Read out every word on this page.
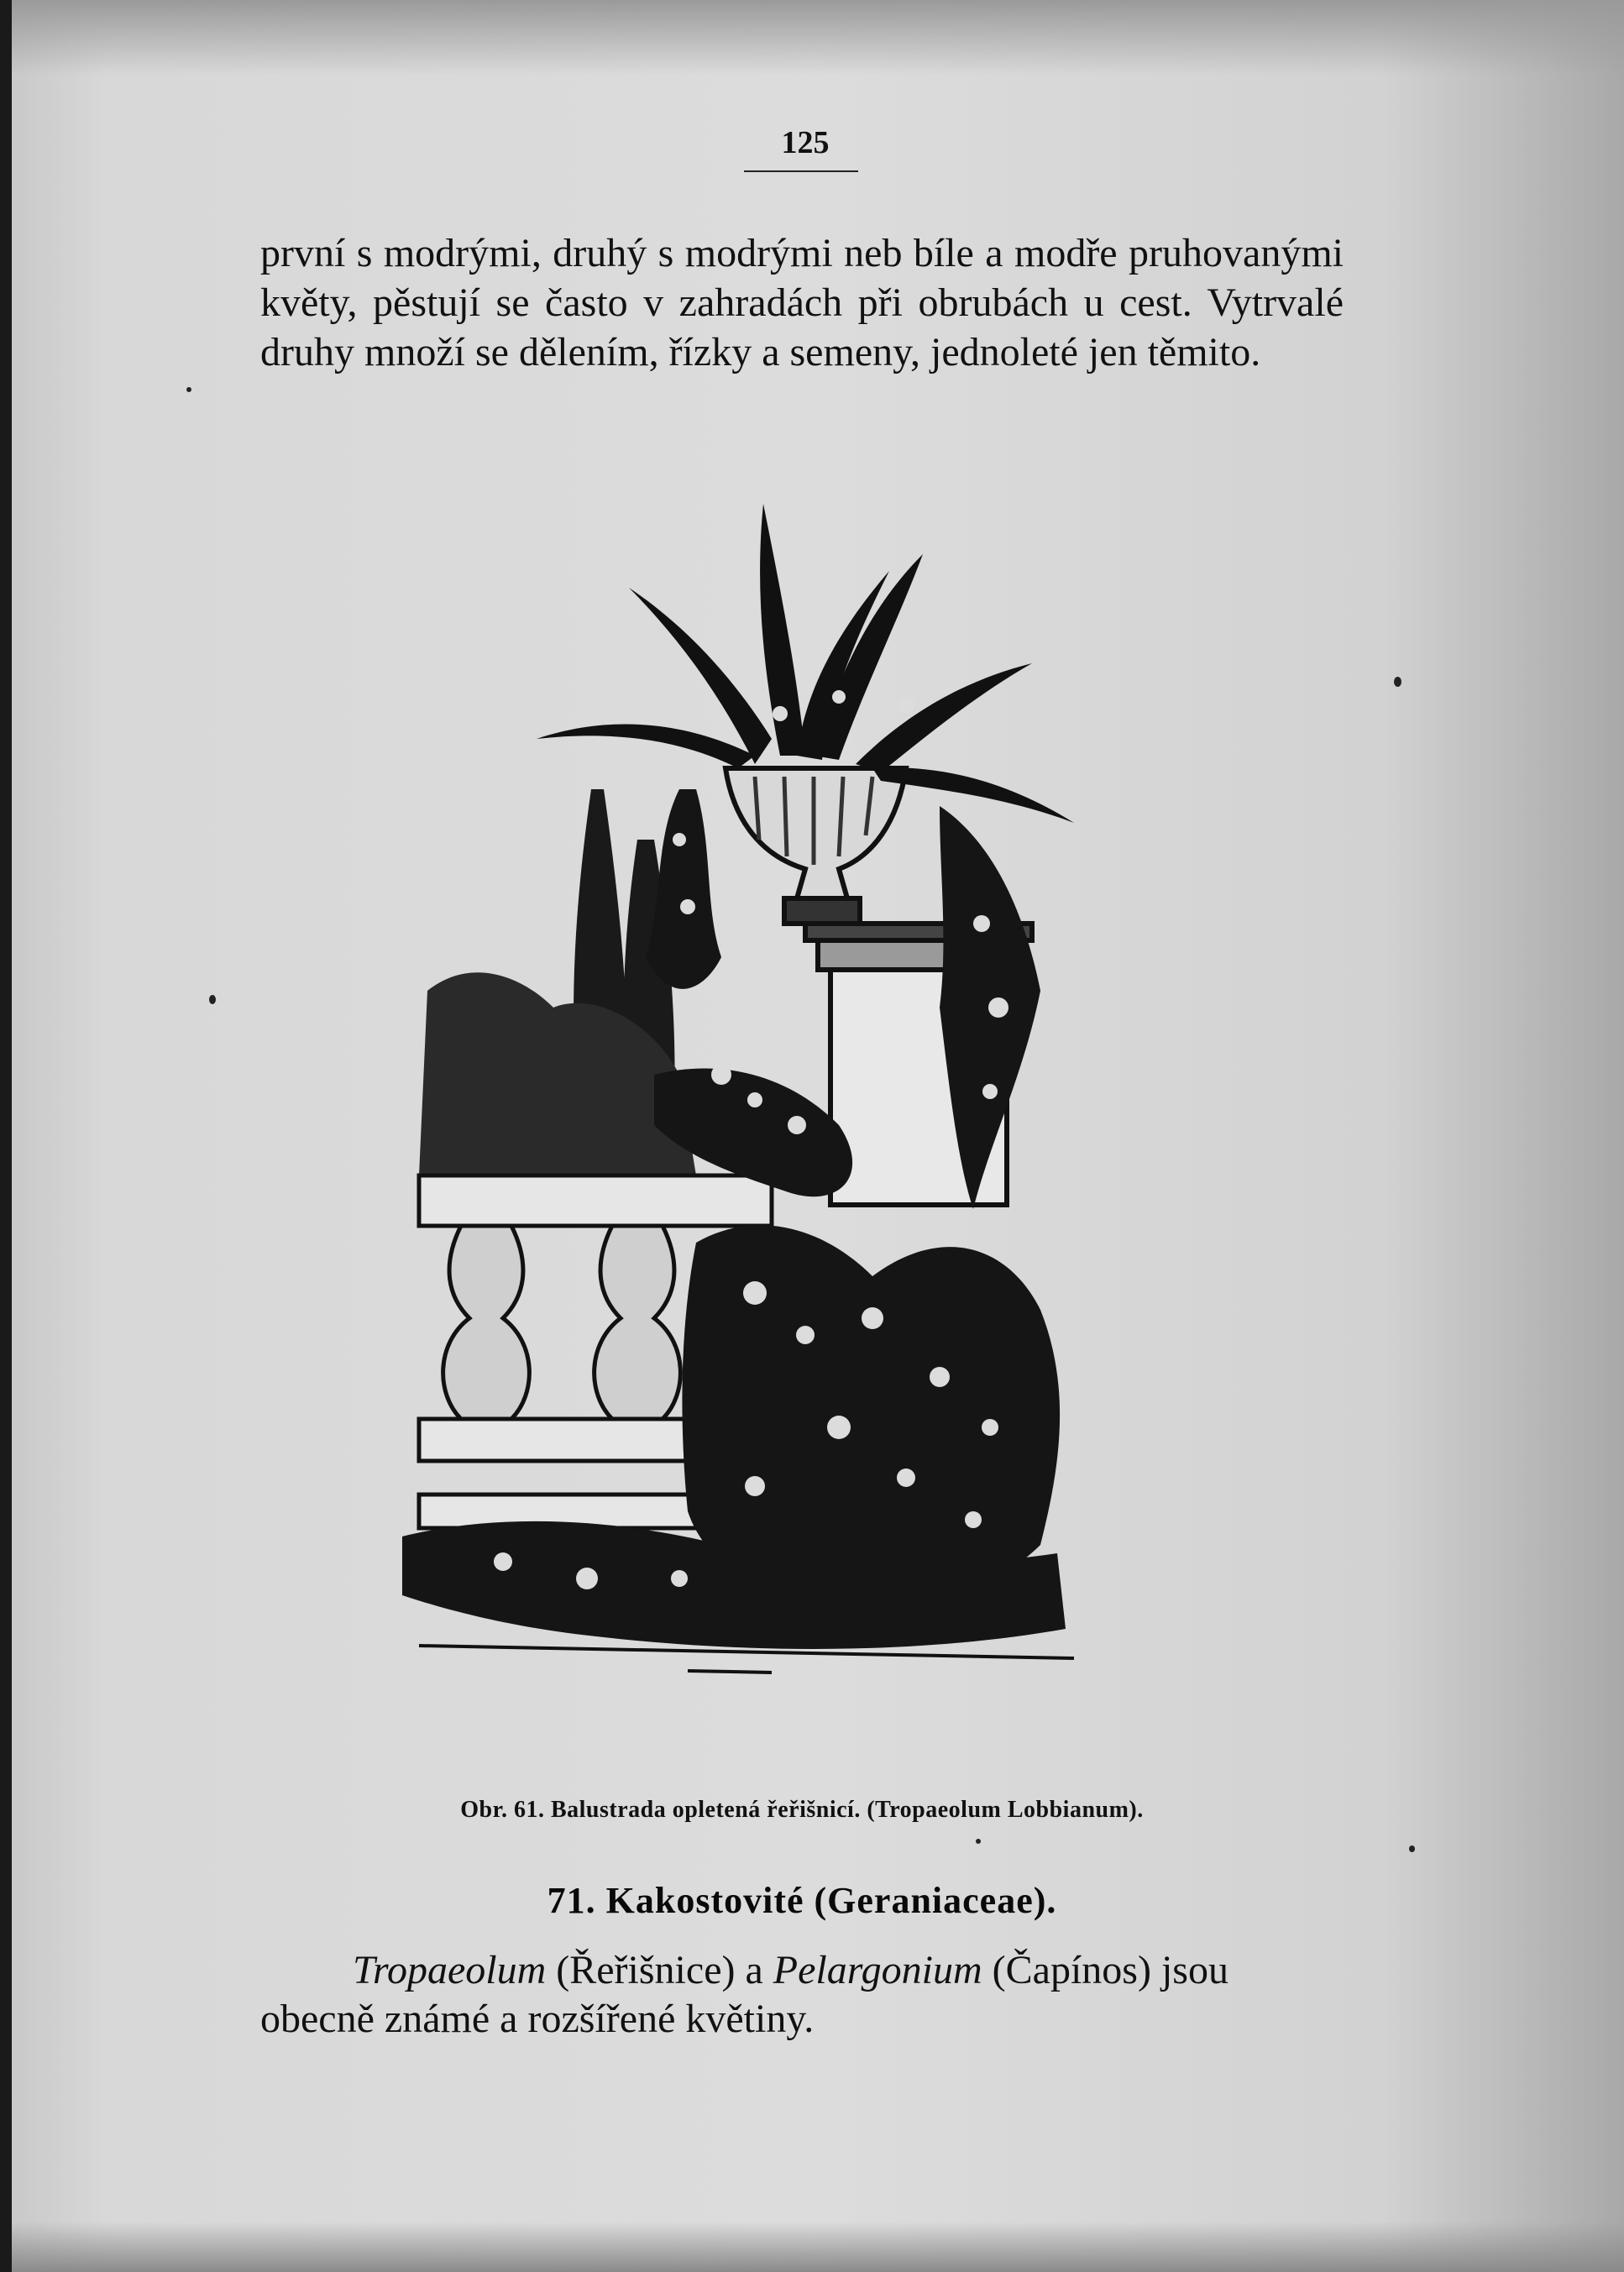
125
první s modrými, druhý s modrými neb bíle a modře pruhovanými květy, pěstují se často v zahradách při obrubách u cest. Vytrvalé druhy množí se dělením, řízky a semeny, jednoleté jen těmito.
Obr. 61. Balustrada opletená řeřišnicí. (Tropaeolum Lobbianum).
71. Kakostovité (Geraniaceae).
Tropaeolum (Řeřišnice) a Pelargonium (Čapínos) jsou obecně známé a rozšířené květiny.
